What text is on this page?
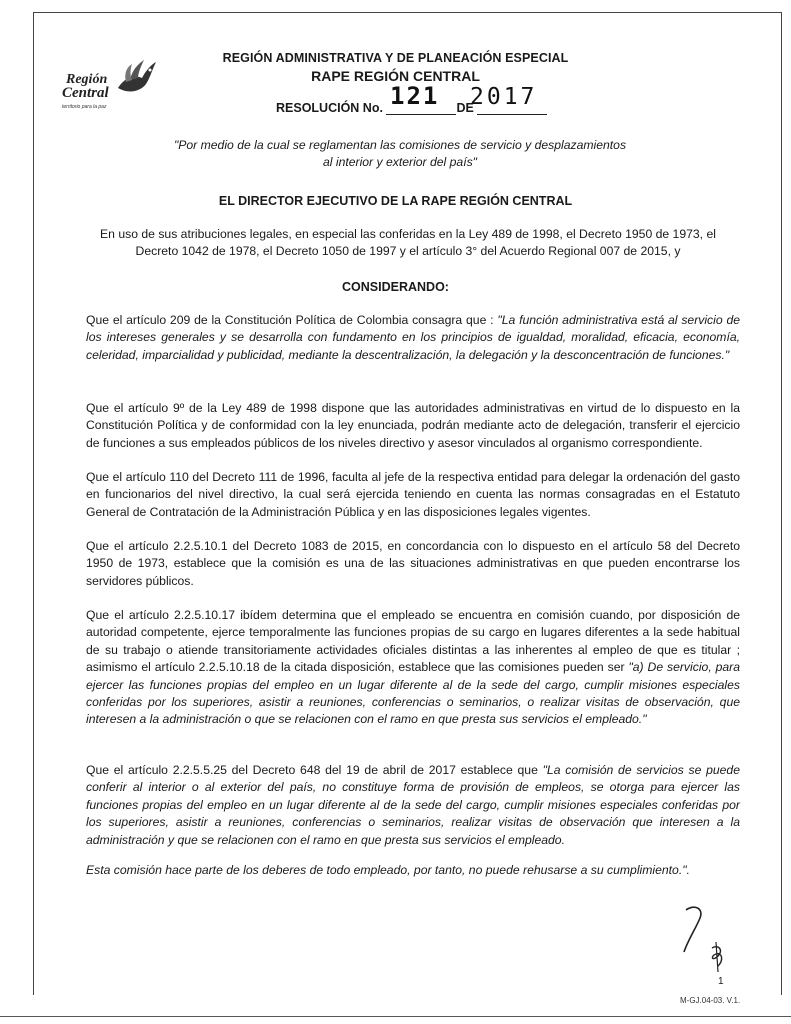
Región
Central
territorio para la paz
REGIÓN ADMINISTRATIVA Y DE PLANEACIÓN ESPECIAL
RAPE REGIÓN CENTRAL
RESOLUCIÓN No.	DE
121 2017
"Por medio de la cual se reglamentan las comisiones de servicio y desplazamientos
al interior y exterior del país"
EL DIRECTOR EJECUTIVO DE LA RAPE REGIÓN CENTRAL
En uso de sus atribuciones legales, en especial las conferidas en la Ley 489 de 1998, el Decreto 1950 de 1973, el Decreto 1042 de 1978, el Decreto 1050 de 1997 y el artículo 3° del Acuerdo Regional 007 de 2015, y
CONSIDERANDO:
Que el artículo 209 de la Constitución Política de Colombia consagra que : "La función administrativa está al servicio de los intereses generales y se desarrolla con fundamento en los principios de igualdad, moralidad, eficacia, economía, celeridad, imparcialidad y publicidad, mediante la descentralización, la delegación y la desconcentración de funciones."
Que el artículo 9º de la Ley 489 de 1998 dispone que las autoridades administrativas en virtud de lo dispuesto en la Constitución Política y de conformidad con la ley enunciada, podrán mediante acto de delegación, transferir el ejercicio de funciones a sus empleados públicos de los niveles directivo y asesor vinculados al organismo correspondiente.
Que el artículo 110 del Decreto 111 de 1996, faculta al jefe de la respectiva entidad para delegar la ordenación del gasto en funcionarios del nivel directivo, la cual será ejercida teniendo en cuenta las normas consagradas en el Estatuto General de Contratación de la Administración Pública y en las disposiciones legales vigentes.
Que el artículo 2.2.5.10.1 del Decreto 1083 de 2015, en concordancia con lo dispuesto en el artículo 58 del Decreto 1950 de 1973, establece que la comisión es una de las situaciones administrativas en que pueden encontrarse los servidores públicos.
Que el artículo 2.2.5.10.17 ibídem determina que el empleado se encuentra en comisión cuando, por disposición de autoridad competente, ejerce temporalmente las funciones propias de su cargo en lugares diferentes a la sede habitual de su trabajo o atiende transitoriamente actividades oficiales distintas a las inherentes al empleo de que es titular ; asimismo el artículo 2.2.5.10.18 de la citada disposición, establece que las comisiones pueden ser "a) De servicio, para ejercer las funciones propias del empleo en un lugar diferente al de la sede del cargo, cumplir misiones especiales conferidas por los superiores, asistir a reuniones, conferencias o seminarios, o realizar visitas de observación, que interesen a la administración o que se relacionen con el ramo en que presta sus servicios el empleado."
Que el artículo 2.2.5.5.25 del Decreto 648 del 19 de abril de 2017 establece que "La comisión de servicios se puede conferir al interior o al exterior del país, no constituye forma de provisión de empleos, se otorga para ejercer las funciones propias del empleo en un lugar diferente al de la sede del cargo, cumplir misiones especiales conferidas por los superiores, asistir a reuniones, conferencias o seminarios, realizar visitas de observación que interesen a la administración y que se relacionen con el ramo en que presta sus servicios el empleado.
Esta comisión hace parte de los deberes de todo empleado, por tanto, no puede rehusarse a su cumplimiento.".
1
M-GJ.04-03. V.1.
